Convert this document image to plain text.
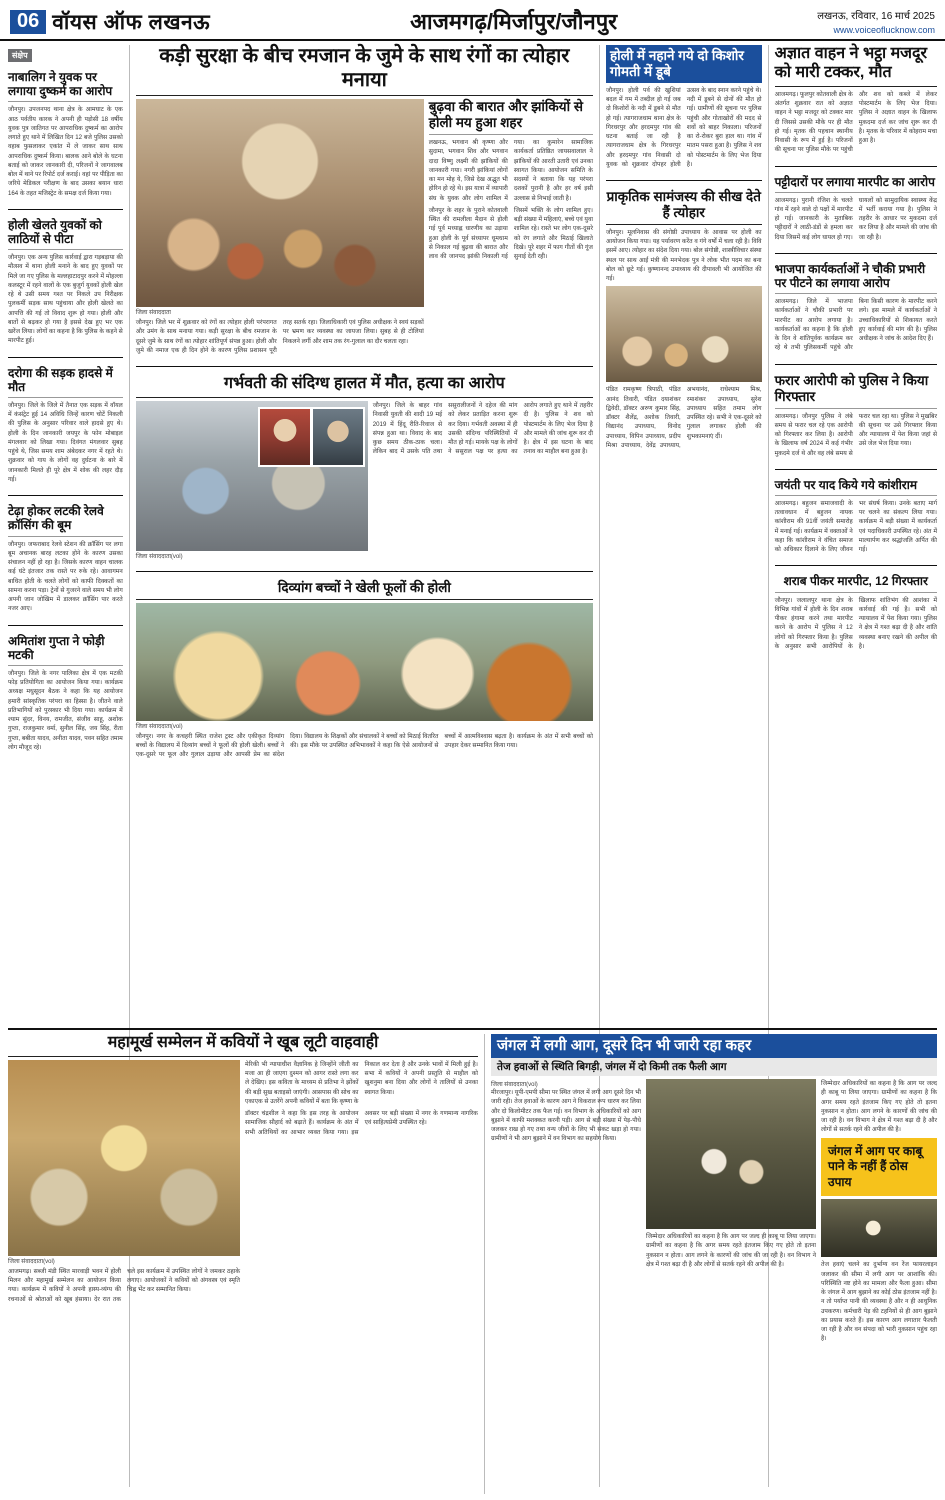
06 वॉयस ऑफ लखनऊ	आजमगढ़/मिर्जापुर/जौनपुर	लखनऊ, रविवार, 16 मार्च 2025
www.voiceoflucknow.com
संक्षेप
नाबालिग ने युवक पर लगाया दुष्कर्म का आरोप
जौनपुर। उपजनपद थाना क्षेत्र के आमघाट के एक आठ पर्वतीय कारक ने अपनी ही पड़ोसी 18 वर्षीय युवक पुत्र जातिगत पर आपराधिक दुष्कर्म का आरोप लगाते हुए थाने में लिखित दिन 12 बजे पुलिस उसको वहाब फुसलाकर एकांत में ले जाकर साथ साथ आपराधिक दुष्कर्म किया। बालक आने बोले के घटना बताई को जाकर जानकारी दी, परिजनों ने जागवालब बोल में थाने पर रिपोर्ट दर्ज कराई। वहां पर पीड़िता का जरिये मेडिकल परीक्षण के बाद उसका बयान धारा 164 के तहत मजिस्ट्रेट के समक्ष दर्ज किया गया।
होली खेलते युवकों को लाठियों से पीटा
जौनपुर। एक अन्य पुलिस कार्रवाई द्वारा गड़बड़ाया की मौत्सव में थाना होली मनाने के बाद हुए युवकों पर मिले जा गए पुलिस के मल्लहाटादपुर करने में मोहल्ला कलस्टूर में रहने वालों के एक बुजुर्ग युवकों होली खेल रहे थे उसी समय गश्त पर निकले उप निरीक्षक पुलकर्मी सड़क साथ पहुंचाया और होली खेलते का आपत्ति की गई तो विवाद शुरू हो गया। होली और बातों से बढ़कर हो गया है इससे देख हुए भर एक खरेंज लिया। लोगों का कहना है कि पुलिस के कहने से मारपीट हुई।
दरोगा की सड़क हादसे में मौत
जौनपुर। जिले के जिले में तैनात एक सड़क में वॉयल में कंसंट्रेट हुई 14 अविधि जिन्हें कारण चोटें निकली की पुलिस के अनुसार परिवार वाले हादसे हुए थे। होली के दिन जानकारी जयपुर के फोन मोबाइल मंगलवार को लिखा गया। दिवंगत मंगलवार सुबह पहुंचे थे, जिस समय शाम अंबेदकर नगर में रहते थे। शुक्रवार को गाय के लोगों वह दुर्घटना के बारे में जानकारी मिलते ही पूरे क्षेत्र में शोक की लहर दौड़ गई।
टेढ़ा होकर लटकी रेलवे क्रॉसिंग की बूम
जौनपुर। जफराबाद रेलवे स्टेशन की क्रॉसिंग पर लगा बूम अचानक बारह लटका होने के कारण उसका संचालन नहीं हो रहा है। जिसके कारण वाहन चालक कई घंटे इंतजार तक रास्ते पर रुके रहे। आवागमन बाधित होती के चलते लोगों को काफी दिक्कतों का सामना करना पड़ा। ट्रेनों से गुजरने वाले समय भी लोग अपनी जान जोखिम में डालकर क्रॉसिंग पार करते नजर आए।
अमितांश गुप्ता ने फोड़ी मटकी
जौनपुर। जिले के नगर पालिका क्षेत्र में एक मटकी फोड़ प्रतियोगिता का आयोजन किया गया। कार्यक्रम अध्यक्ष मधुसूदन बैठक ने कहा कि यह आयोजन हमारी सांस्कृतिक परंपरा का हिस्सा है। जीतने वाले प्रतिभागियों को पुरस्कार भी दिया गया। कार्यक्रम में श्याम सुंदर, विनय, रामजीत, संजीव साहू, अशोक गुप्ता, राजकुमार वर्मा, सुनील सिंह, जय सिंह, रीता गुप्ता, बबीता यादव, अनीता यादव, पवन सहित तमाम लोग मौजूद रहे।
कड़ी सुरक्षा के बीच रमजान के जुमे के साथ रंगों का त्योहार मनाया
जिला संवाददाता
जौनपुर। जिले भर में शुक्रवार को रंगों का त्योहार होली परंपरागत और उमंग के साथ मनाया गया। कड़ी सुरक्षा के बीच रमजान के दूसरे जुमे के साथ रंगों का त्योहार शांतिपूर्ण संपन्न हुआ। होली और जुमे की नमाज एक ही दिन होने के कारण पुलिस प्रशासन पूरी तरह सतर्क रहा। जिलाधिकारी एवं पुलिस अधीक्षक ने स्वयं सड़कों पर भ्रमण कर व्यवस्था का जायजा लिया। सुबह से ही टोलियां निकलने लगीं और शाम तक रंग-गुलाल का दौर चलता रहा।
बुढ़वा की बारात और झांकियों से होली मय हुआ शहर
लखनऊ, भगवान श्री कृष्णा और सुदामा, भगवान शिव और भगवान दादा विष्णु लक्ष्मी की झांकियों की जानकारी गया। नगरी झांकियां लोगों का मन मोह ये, जिसे देख अद्भुत भी होरिन हो रहे थे। इस यात्रा में व्यापारी संघ के युवक और लोग शामिल में गया। का कुमारेन सामाजिक कार्यकर्ता प्रतिष्ठित जायसवालाल ने झांकियों की आरती उतारी एवं उनका स्वागत किया। आयोजन समिति के सदस्यों ने बताया कि यह परंपरा दशकों पुरानी है और हर वर्ष इसी उल्लास से निभाई जाती है।
जौनपुर के शहर के पुराने कोतवाली स्थित की रामलीला मैदान से होली गई पूर्व मध्याह्न धारणीय का उड़ाया हुआ होली के पूर्व संध्यापर धूमधाम से निकाल गई बुढ़वा की बारात और लाव की जानपद झांकी निकाली गई जिसमें भक्ति के लोग शामिल हुए। बड़ी संख्या में महिलाएं, बच्चे एवं युवा शामिल रहे। रास्ते भर लोग एक-दूसरे को रंग लगाते और मिठाई खिलाते दिखे। पूरे शहर में फाग गीतों की गूंज सुनाई देती रही।
गर्भवती की संदिग्ध हालत में मौत, हत्या का आरोप
जिला संवाददाता(vol)
जौनपुर। जिले के बाहर गांव निवासी युवती की शादी 19 मई 2019 में हिंदू रीति-रिवाज से संपन्न हुआ था। विवाद के बाद कुछ समय ठीक-ठाक चला। लेकिन बाद में उसके पति तथा ससुरालीजनों ने दहेज की मांग को लेकर प्रताड़ित करना शुरू कर दिया। गर्भवती अवस्था में ही उसकी संदिग्ध परिस्थितियों में मौत हो गई। मायके पक्ष के लोगों ने ससुराल पक्ष पर हत्या का आरोप लगाते हुए थाने में तहरीर दी है। पुलिस ने शव को पोस्टमार्टम के लिए भेज दिया है और मामले की जांच शुरू कर दी है। क्षेत्र में इस घटना के बाद तनाव का माहौल बना हुआ है।
दिव्यांग बच्चों ने खेली फूलों की होली
जिला संवाददाता(vol)
जौनपुर। नगर के कचहरी स्थित राजेश ट्रस्ट और एकीकृत दिव्यांग बच्चों के विद्यालय में दिव्यांग बच्चों ने फूलों की होली खेली। बच्चों ने एक-दूसरे पर फूल और गुलाल उड़ाया और आपसी प्रेम का संदेश दिया। विद्यालय के शिक्षकों और संचालकों ने बच्चों को मिठाई वितरित की। इस मौके पर उपस्थित अभिभावकों ने कहा कि ऐसे आयोजनों से बच्चों में आत्मविश्वास बढ़ता है। कार्यक्रम के अंत में सभी बच्चों को उपहार देकर सम्मानित किया गया।
होली में नहाने गये दो किशोर गोमती में डूबे
जौनपुर। होली पर्व की खुशियां बदल में गम में तब्दील हो गई जब दो किशोरों के नदी में डूबने से मौत हो गई। त्यागराजधाम थाना क्षेत्र के गिरधरपुर और हरदमपुर गांव की घटना बताई जा रही है त्यागराजधाम क्षेत्र के गिरधरपुर और हरदमपुर गांव निवासी दो युवक को शुक्रवार दोपहर होली उत्सव के बाद स्नान करने पहुंचे थे। नदी में डूबने से दोनों की मौत हो गई। ग्रामीणों की सूचना पर पुलिस पहुंची और गोताखोरों की मदद से शवों को बाहर निकाला। परिजनों का रो-रोकर बुरा हाल था। गांव में मातम पसरा हुआ है। पुलिस ने शव को पोस्टमार्टम के लिए भेज दिया है।
प्राकृतिक सामंजस्य की सीख देते हैं त्योहार
जौनपुर। मूलनिवास की संगोष्ठी उपाध्याय के आवास पर होली का आयोजन किया गया। यह पर्यावरण करेंत व गंगे वर्षों में चला रही है। विवि इसमें आए। त्योहार का संदेश दिया गया। बोल संगोष्ठी, शास्त्रीविचार संस्था स्थल पर साथ आईं मंत्री की मनभेदक पुत्र ने लोक भीत पदम का बना बोल को छूटे गई। कुष्णानन्द उपाध्याय की दीपावली भी आयोजित की गई।
पंडित रामकृष्ण त्रिपाठी, पंडित आनंद तिवारी, पंडित दयाशंकर द्विवेदी, डॉक्टर अरुण कुमार सिंह, डॉक्टर शैलेंद्र, अशोक तिवारी, विद्यानंद उपाध्याय, विनोद उपाध्याय, विपिन उपाध्याय, प्रदीप मिश्रा उपाध्याय, देवेंद्र उपाध्याय, अभयानंद, राधेश्याम मिश्र, रमाशंकर उपाध्याय, सुरेश उपाध्याय सहित तमाम लोग उपस्थित रहे। सभी ने एक-दूसरे को गुलाल लगाकर होली की शुभकामनाएं दीं।
अज्ञात वाहन ने भट्ठा मजदूर को मारी टक्कर, मौत
आजमगढ़। फूलपुर कोतवाली क्षेत्र के अंतर्गत शुक्रवार रात को अज्ञात वाहन ने भट्ठा मजदूर को टक्कर मार दी जिससे उसकी मौके पर ही मौत हो गई। मृतक की पहचान स्थानीय निवासी के रूप में हुई है। परिजनों की सूचना पर पुलिस मौके पर पहुंची और शव को कब्जे में लेकर पोस्टमार्टम के लिए भेज दिया। पुलिस ने अज्ञात वाहन के खिलाफ मुकदमा दर्ज कर जांच शुरू कर दी है। मृतक के परिवार में कोहराम मचा हुआ है।
पट्टीदारों पर लगाया मारपीट का आरोप
आजमगढ़। पुरानी रंजिश के चलते गांव में रहने वाले दो पक्षों में मारपीट हो गई। जानकारी के मुताबिक पट्टीदारों ने लाठी-डंडों से हमला कर दिया जिसमें कई लोग घायल हो गए। घायलों को सामुदायिक स्वास्थ्य केंद्र में भर्ती कराया गया है। पुलिस ने तहरीर के आधार पर मुकदमा दर्ज कर लिया है और मामले की जांच की जा रही है।
भाजपा कार्यकर्ताओं ने चौकी प्रभारी पर पीटने का लगाया आरोप
आजमगढ़। जिले में भाजपा कार्यकर्ताओं ने चौकी प्रभारी पर मारपीट का आरोप लगाया है। कार्यकर्ताओं का कहना है कि होली के दिन वे शांतिपूर्वक कार्यक्रम कर रहे थे तभी पुलिसकर्मी पहुंचे और बिना किसी कारण के मारपीट करने लगे। इस मामले में कार्यकर्ताओं ने उच्चाधिकारियों से शिकायत करते हुए कार्रवाई की मांग की है। पुलिस अधीक्षक ने जांच के आदेश दिए हैं।
फरार आरोपी को पुलिस ने किया गिरफ्तार
आजमगढ़। जौनपुर पुलिस ने लंबे समय से फरार चल रहे एक आरोपी को गिरफ्तार कर लिया है। आरोपी के खिलाफ वर्ष 2024 में कई गंभीर मुकदमे दर्ज थे और वह लंबे समय से फरार चल रहा था। पुलिस ने मुखबिर की सूचना पर उसे गिरफ्तार किया और न्यायालय में पेश किया जहां से उसे जेल भेज दिया गया।
जयंती पर याद किये गये कांशीराम
आजमगढ़। बहुजन समाजवादी के तत्वावधान में बहुजन नायक कांशीराम की 91वीं जयंती समारोह में मनाई गई। कार्यक्रम में वक्ताओं ने कहा कि कांशीराम ने वंचित समाज को अधिकार दिलाने के लिए जीवन भर संघर्ष किया। उनके बताए मार्ग पर चलने का संकल्प लिया गया। कार्यक्रम में बड़ी संख्या में कार्यकर्ता एवं पदाधिकारी उपस्थित रहे। अंत में माल्यार्पण कर श्रद्धांजलि अर्पित की गई।
शराब पीकर मारपीट, 12 गिरफ्तार
जौनपुर। जलालपुर थाना क्षेत्र के विभिन्न गांवों में होली के दिन शराब पीकर हंगामा करने तथा मारपीट करने के आरोप में पुलिस ने 12 लोगों को गिरफ्तार किया है। पुलिस के अनुसार सभी आरोपियों के खिलाफ शांतिभंग की आशंका में कार्रवाई की गई है। सभी को न्यायालय में पेश किया गया। पुलिस ने क्षेत्र में गश्त बढ़ा दी है और शांति व्यवस्था बनाए रखने की अपील की है।
महामूर्ख सम्मेलन में कवियों ने खूब लूटी वाहवाही
जिला संवाददाता(vol)
आजमगढ़। सब्जी मंडी स्थित मारवाड़ी भवन में होली मिलन और महामूर्ख सम्मेलन का आयोजन किया गया। कार्यक्रम में कवियों ने अपनी हास्य-व्यंग्य की रचनाओं से श्रोताओं को खूब हंसाया। देर रात तक चले इस कार्यक्रम में उपस्थित लोगों ने जमकर ठहाके लगाए। आयोजकों ने कवियों को अंगवस्त्र एवं स्मृति चिह्न भेंट कर सम्मानित किया।
मेरिकी भी न्यायाधीश वैज्ञानिक हे जिन्होंने जीती का मजा आ ही जाएगा दुश्मन को आगर रास्ते लगा कर ले देखिए। इस कविता के माध्यम से प्रतिभा ने झोंकों की बड़ी सुख बताइसो जाएंगी। आसपास की सोच का एकाएक से उतरेंगे अपनी कवियों में बता कि कृष्णा के निकाल कर देता है और उनके भावों में मिली हुई है। सभा में कवियों ने अपनी प्रस्तुति से माहौल को खुशनुमा बना दिया और लोगों ने तालियों से उनका स्वागत किया।
डॉक्टर चंद्रशील ने कहा कि इस तरह के आयोजन सामाजिक सौहार्द को बढ़ाते हैं। कार्यक्रम के अंत में सभी अतिथियों का आभार व्यक्त किया गया। इस अवसर पर बड़ी संख्या में नगर के गणमान्य नागरिक एवं साहित्यप्रेमी उपस्थित रहे।
जंगल में लगी आग, दूसरे दिन भी जारी रहा कहर
तेज हवाओं से स्थिति बिगड़ी, जंगल में दो किमी तक फैली आग
जिला संवाददाता(vol)
मीरजापुर। यूपी-एमपी सीमा पर स्थित जंगल में लगी आग दूसरे दिन भी जारी रही। तेज हवाओं के कारण आग ने विकराल रूप धारण कर लिया और दो किलोमीटर तक फैल गई। वन विभाग के अधिकारियों को आग बुझाने में काफी मशक्कत करनी पड़ी। आग से बड़ी संख्या में पेड़-पौधे जलकर राख हो गए तथा वन्य जीवों के लिए भी संकट खड़ा हो गया। ग्रामीणों ने भी आग बुझाने में वन विभाग का सहयोग किया।
जिम्मेदार अधिकारियों का कहना है कि आग पर जल्द ही काबू पा लिया जाएगा। ग्रामीणों का कहना है कि अगर समय रहते इंतजाम किए गए होते तो इतना नुकसान न होता। आग लगने के कारणों की जांच की जा रही है। वन विभाग ने क्षेत्र में गश्त बढ़ा दी है और लोगों से सतर्क रहने की अपील की है।
जिम्मेदार अधिकारियों का कहना है कि आग पर जल्द ही काबू पा लिया जाएगा। ग्रामीणों का कहना है कि अगर समय रहते इंतजाम किए गए होते तो इतना नुकसान न होता। आग लगने के कारणों की जांच की जा रही है। वन विभाग ने क्षेत्र में गश्त बढ़ा दी है और लोगों से सतर्क रहने की अपील की है।
जंगल में आग पर काबू पाने के नहीं हैं ठोस उपाय
तेज हवाएं चलने का दुर्भाग्य वन रेंज फायरलाइन जलाकर की सीमा में लगी आग पर आशांकि की। परिस्थिति नष्ट होने का मामला और फैला हुआ। सीमा के जंगल में आग बुझाने का कोई ठोस इंतजाम नहीं है। न तो पर्याप्त पानी की व्यवस्था है और न ही आधुनिक उपकरण। कर्मचारी पेड़ की टहनियों से ही आग बुझाने का प्रयास करते हैं। इस कारण आग लगातार फैलती जा रही है और वन संपदा को भारी नुकसान पहुंच रहा है।
